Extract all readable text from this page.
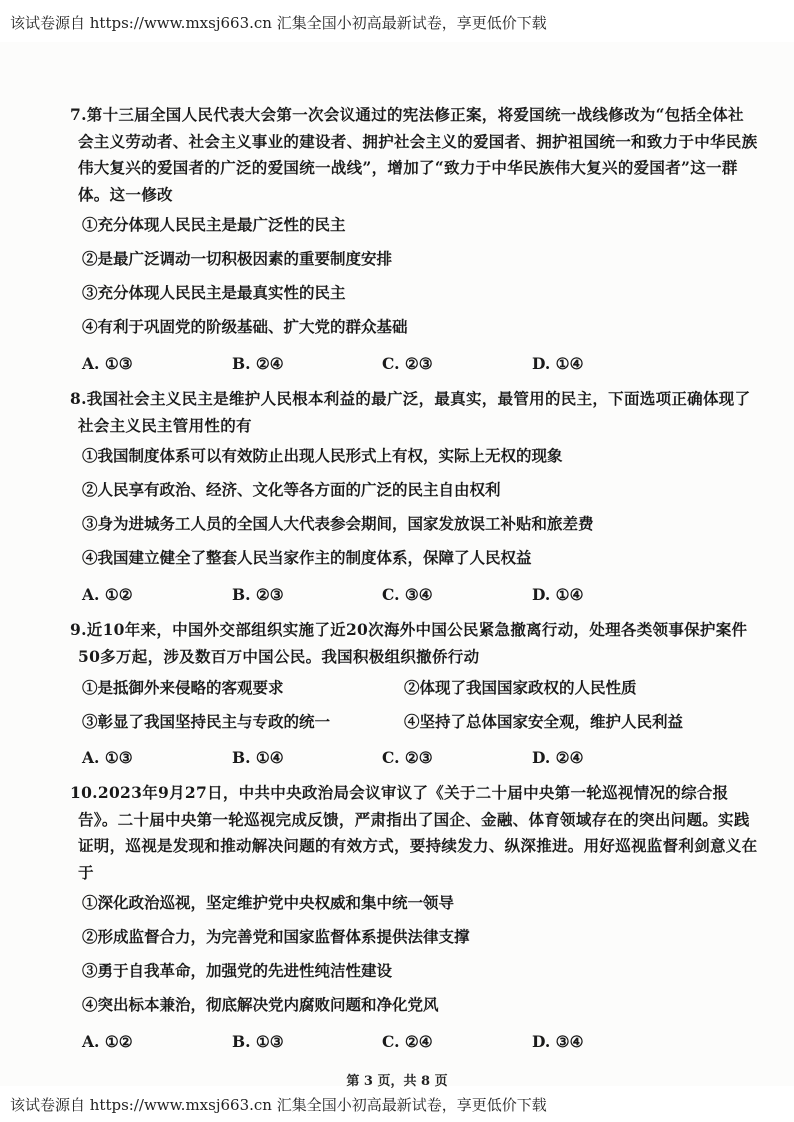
该试卷源自 https://www.mxsj663.cn 汇集全国小初高最新试卷，享更低价下载

7.第十三届全国人民代表大会第一次会议通过的宪法修正案，将爱国统一战线修改为“包括全体社会主义劳动者、社会主义事业的建设者、拥护社会主义的爱国者、拥护祖国统一和致力于中华民族伟大复兴的爱国者的广泛的爱国统一战线”，增加了“致力于中华民族伟大复兴的爱国者”这一群体。这一修改

①充分体现人民民主是最广泛性的民主

②是最广泛调动一切积极因素的重要制度安排

③充分体现人民民主是最真实性的民主

④有利于巩固党的阶级基础、扩大党的群众基础

A. ①③	B. ②④	C. ②③	D. ①④

8.我国社会主义民主是维护人民根本利益的最广泛，最真实，最管用的民主，下面选项正确体现了社会主义民主管用性的有

①我国制度体系可以有效防止出现人民形式上有权，实际上无权的现象

②人民享有政治、经济、文化等各方面的广泛的民主自由权利

③身为进城务工人员的全国人大代表参会期间，国家发放误工补贴和旅差费

④我国建立健全了整套人民当家作主的制度体系，保障了人民权益

A. ①②	B. ②③	C. ③④	D. ①④

9.近10年来，中国外交部组织实施了近20次海外中国公民紧急撤离行动，处理各类领事保护案件50多万起，涉及数百万中国公民。我国积极组织撤侨行动

①是抵御外来侵略的客观要求	②体现了我国国家政权的人民性质
③彰显了我国坚持民主与专政的统一	④坚持了总体国家安全观，维护人民利益
A. ①③	B. ①④	C. ②③	D. ②④

10.2023年9月27日，中共中央政治局会议审议了《关于二十届中央第一轮巡视情况的综合报告》。二十届中央第一轮巡视完成反馈，严肃指出了国企、金融、体育领域存在的突出问题。实践证明，巡视是发现和推动解决问题的有效方式，要持续发力、纵深推进。用好巡视监督利剑意义在于

①深化政治巡视，坚定维护党中央权威和集中统一领导

②形成监督合力，为完善党和国家监督体系提供法律支撑

③勇于自我革命，加强党的先进性纯洁性建设

④突出标本兼治，彻底解决党内腐败问题和净化党风

A. ①②	B. ①③	C. ②④	D. ③④
第 3 页，共 8 页
该试卷源自 https://www.mxsj663.cn 汇集全国小初高最新试卷，享更低价下载
